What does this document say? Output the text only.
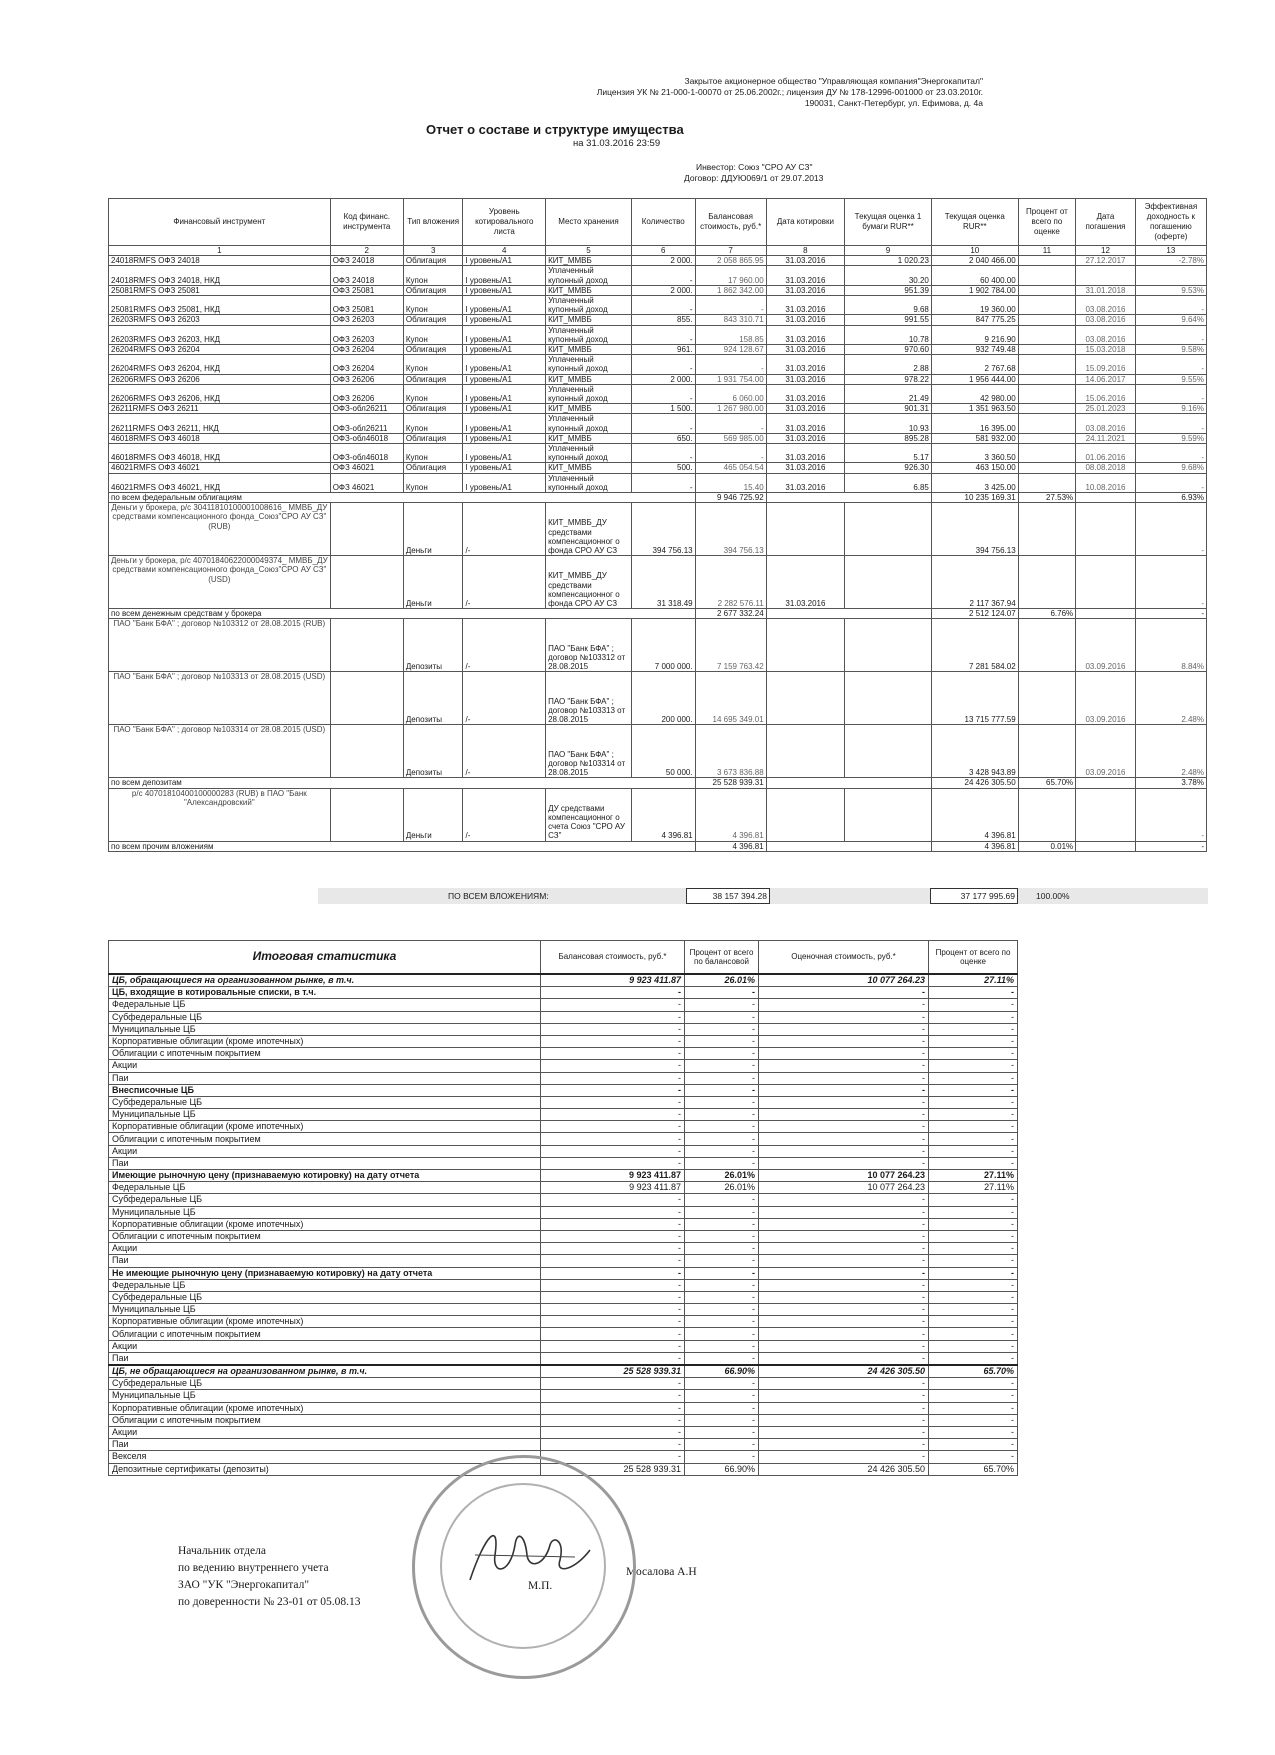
Закрытое акционерное общество "Управляющая компания"Энергокапитал"
Лицензия УК № 21-000-1-00070 от 25.06.2002г.; лицензия ДУ № 178-12996-001000 от 23.03.2010г.
190031, Санкт-Петербург, ул. Ефимова, д. 4а
Отчет о составе и структуре имущества
на 31.03.2016 23:59
Инвестор: Союз "СРО АУ СЗ"
Договор: ДДУЮ069/1 от 29.07.2013
Финансовый инструмент	Код финанс. инструмента	Тип вложения	Уровень котировального листа	Место хранения	Количество	Балансовая стоимость, руб.*	Дата котировки	Текущая оценка 1 бумаги RUR**	Текущая оценка RUR**	Процент от всего по оценке	Дата погашения	Эффективная доходность к погашению (оферте)
1	2	3	4	5	6	7	8	9	10	11	12	13
24018RMFS ОФЗ 24018	ОФЗ 24018	Облигация	I уровень/А1	КИТ_ММВБ	2 000.	2 058 865.95	31.03.2016	1 020.23	2 040 466.00		27.12.2017	-2.78%
24018RMFS ОФЗ 24018, НКД	ОФЗ 24018	Купон	I уровень/А1	Уплаченный купонный доход	-	17 960.00	31.03.2016	30.20	60 400.00			
25081RMFS ОФЗ 25081	ОФЗ 25081	Облигация	I уровень/А1	КИТ_ММВБ	2 000.	1 862 342.00	31.03.2016	951.39	1 902 784.00		31.01.2018	9.53%
25081RMFS ОФЗ 25081, НКД	ОФЗ 25081	Купон	I уровень/А1	Уплаченный купонный доход	-	-	31.03.2016	9.68	19 360.00		03.08.2016	-
26203RMFS ОФЗ 26203	ОФЗ 26203	Облигация	I уровень/А1	КИТ_ММВБ	855.	843 310.71	31.03.2016	991.55	847 775.25		03.08.2016	9.64%
26203RMFS ОФЗ 26203, НКД	ОФЗ 26203	Купон	I уровень/А1	Уплаченный купонный доход	-	158.85	31.03.2016	10.78	9 216.90		03.08.2016	-
26204RMFS ОФЗ 26204	ОФЗ 26204	Облигация	I уровень/А1	КИТ_ММВБ	961.	924 128.67	31.03.2016	970.60	932 749.48		15.03.2018	9.58%
26204RMFS ОФЗ 26204, НКД	ОФЗ 26204	Купон	I уровень/А1	Уплаченный купонный доход	-	-	31.03.2016	2.88	2 767.68		15.09.2016	-
26206RMFS ОФЗ 26206	ОФЗ 26206	Облигация	I уровень/А1	КИТ_ММВБ	2 000.	1 931 754.00	31.03.2016	978.22	1 956 444.00		14.06.2017	9.55%
26206RMFS ОФЗ 26206, НКД	ОФЗ 26206	Купон	I уровень/А1	Уплаченный купонный доход	-	6 060.00	31.03.2016	21.49	42 980.00		15.06.2016	-
26211RMFS ОФЗ 26211	ОФЗ-обл26211	Облигация	I уровень/А1	КИТ_ММВБ	1 500.	1 267 980.00	31.03.2016	901.31	1 351 963.50		25.01.2023	9.16%
26211RMFS ОФЗ 26211, НКД	ОФЗ-обл26211	Купон	I уровень/А1	Уплаченный купонный доход	-	-	31.03.2016	10.93	16 395.00		03.08.2016	-
46018RMFS ОФЗ 46018	ОФЗ-обл46018	Облигация	I уровень/А1	КИТ_ММВБ	650.	569 985.00	31.03.2016	895.28	581 932.00		24.11.2021	9.59%
46018RMFS ОФЗ 46018, НКД	ОФЗ-обл46018	Купон	I уровень/А1	Уплаченный купонный доход	-	-	31.03.2016	5.17	3 360.50		01.06.2016	-
46021RMFS ОФЗ 46021	ОФЗ 46021	Облигация	I уровень/А1	КИТ_ММВБ	500.	465 054.54	31.03.2016	926.30	463 150.00		08.08.2018	9.68%
46021RMFS ОФЗ 46021, НКД	ОФЗ 46021	Купон	I уровень/А1	Уплаченный купонный доход	-	15.40	31.03.2016	6.85	3 425.00		10.08.2016	-
по всем федеральным облигациям						9 946 725.92			10 235 169.31	27.53%		6.93%
Деньги у брокера, р/с 30411810100001008616_ ММВБ_ДУ средствами компенсационного фонда_Союз"СРО АУ СЗ" (RUB)		Деньги	/-	КИТ_ММВБ_ДУ средствами компенсационног о фонда СРО АУ СЗ	394 756.13	394 756.13			394 756.13			-
Деньги у брокера, р/с 40701840622000049374_ ММВБ_ДУ средствами компенсационного фонда_Союз"СРО АУ СЗ" (USD)		Деньги	/-	КИТ_ММВБ_ДУ средствами компенсационног о фонда СРО АУ СЗ	31 318.49	2 282 576.11	31.03.2016		2 117 367.94			-
по всем денежным средствам у брокера						2 677 332.24			2 512 124.07	6.76%		-
ПАО "Банк БФА" ; договор №103312 от 28.08.2015 (RUB)		Депозиты	/-	ПАО "Банк БФА" ; договор №103312 от 28.08.2015	7 000 000.	7 159 763.42			7 281 584.02		03.09.2016	8.84%
ПАО "Банк БФА" ; договор №103313 от 28.08.2015 (USD)		Депозиты	/-	ПАО "Банк БФА" ; договор №103313 от 28.08.2015	200 000.	14 695 349.01			13 715 777.59		03.09.2016	2.48%
ПАО "Банк БФА" ; договор №103314 от 28.08.2015 (USD)		Депозиты	/-	ПАО "Банк БФА" ; договор №103314 от 28.08.2015	50 000.	3 673 836.88			3 428 943.89		03.09.2016	2.48%
по всем депозитам						25 528 939.31			24 426 305.50	65.70%		3.78%
р/с 40701810400100000283 (RUB) в ПАО "Банк "Александровский"		Деньги	/-	ДУ средствами компенсационног о счета Союз "СРО АУ СЗ"	4 396.81	4 396.81			4 396.81			-
по всем прочим вложениям						4 396.81			4 396.81	0.01%		-
ПО ВСЕМ ВЛОЖЕНИЯМ:	38 157 394.28	37 177 995.69	100.00%
Итоговая статистика	Балансовая стоимость, руб.*	Процент от всего по балансовой	Оценочная стоимость, руб.*	Процент от всего по оценке
ЦБ, обращающиеся на организованном рынке, в т.ч.	9 923 411.87	26.01%	10 077 264.23	27.11%
ЦБ, входящие в котировальные списки, в т.ч.	-	-	-	-
Федеральные ЦБ	-	-	-	-
Субфедеральные ЦБ	-	-	-	-
Муниципальные ЦБ	-	-	-	-
Корпоративные облигации (кроме ипотечных)	-	-	-	-
Облигации с ипотечным покрытием	-	-	-	-
Акции	-	-	-	-
Паи	-	-	-	-
Внесписочные ЦБ	-	-	-	-
Субфедеральные ЦБ	-	-	-	-
Муниципальные ЦБ	-	-	-	-
Корпоративные облигации (кроме ипотечных)	-	-	-	-
Облигации с ипотечным покрытием	-	-	-	-
Акции	-	-	-	-
Паи	-	-	-	-
Имеющие рыночную цену (признаваемую котировку) на дату отчета	9 923 411.87	26.01%	10 077 264.23	27.11%
Федеральные ЦБ	9 923 411.87	26.01%	10 077 264.23	27.11%
Субфедеральные ЦБ	-	-	-	-
Муниципальные ЦБ	-	-	-	-
Корпоративные облигации (кроме ипотечных)	-	-	-	-
Облигации с ипотечным покрытием	-	-	-	-
Акции	-	-	-	-
Паи	-	-	-	-
Не имеющие рыночную цену (признаваемую котировку) на дату отчета	-	-	-	-
Федеральные ЦБ	-	-	-	-
Субфедеральные ЦБ	-	-	-	-
Муниципальные ЦБ	-	-	-	-
Корпоративные облигации (кроме ипотечных)	-	-	-	-
Облигации с ипотечным покрытием	-	-	-	-
Акции	-	-	-	-
Паи	-	-	-	-
ЦБ, не обращающиеся на организованном рынке, в т.ч.	25 528 939.31	66.90%	24 426 305.50	65.70%
Субфедеральные ЦБ	-	-	-	-
Муниципальные ЦБ	-	-	-	-
Корпоративные облигации (кроме ипотечных)	-	-	-	-
Облигации с ипотечным покрытием	-	-	-	-
Акции	-	-	-	-
Паи	-	-	-	-
Векселя	-	-	-	-
Депозитные сертификаты (депозиты)	25 528 939.31	66.90%	24 426 305.50	65.70%
Начальник отдела
по ведению внутреннего учета
ЗАО "УК "Энергокапитал"
по доверенности № 23-01 от 05.08.13
М.П.
Мосалова А.Н
